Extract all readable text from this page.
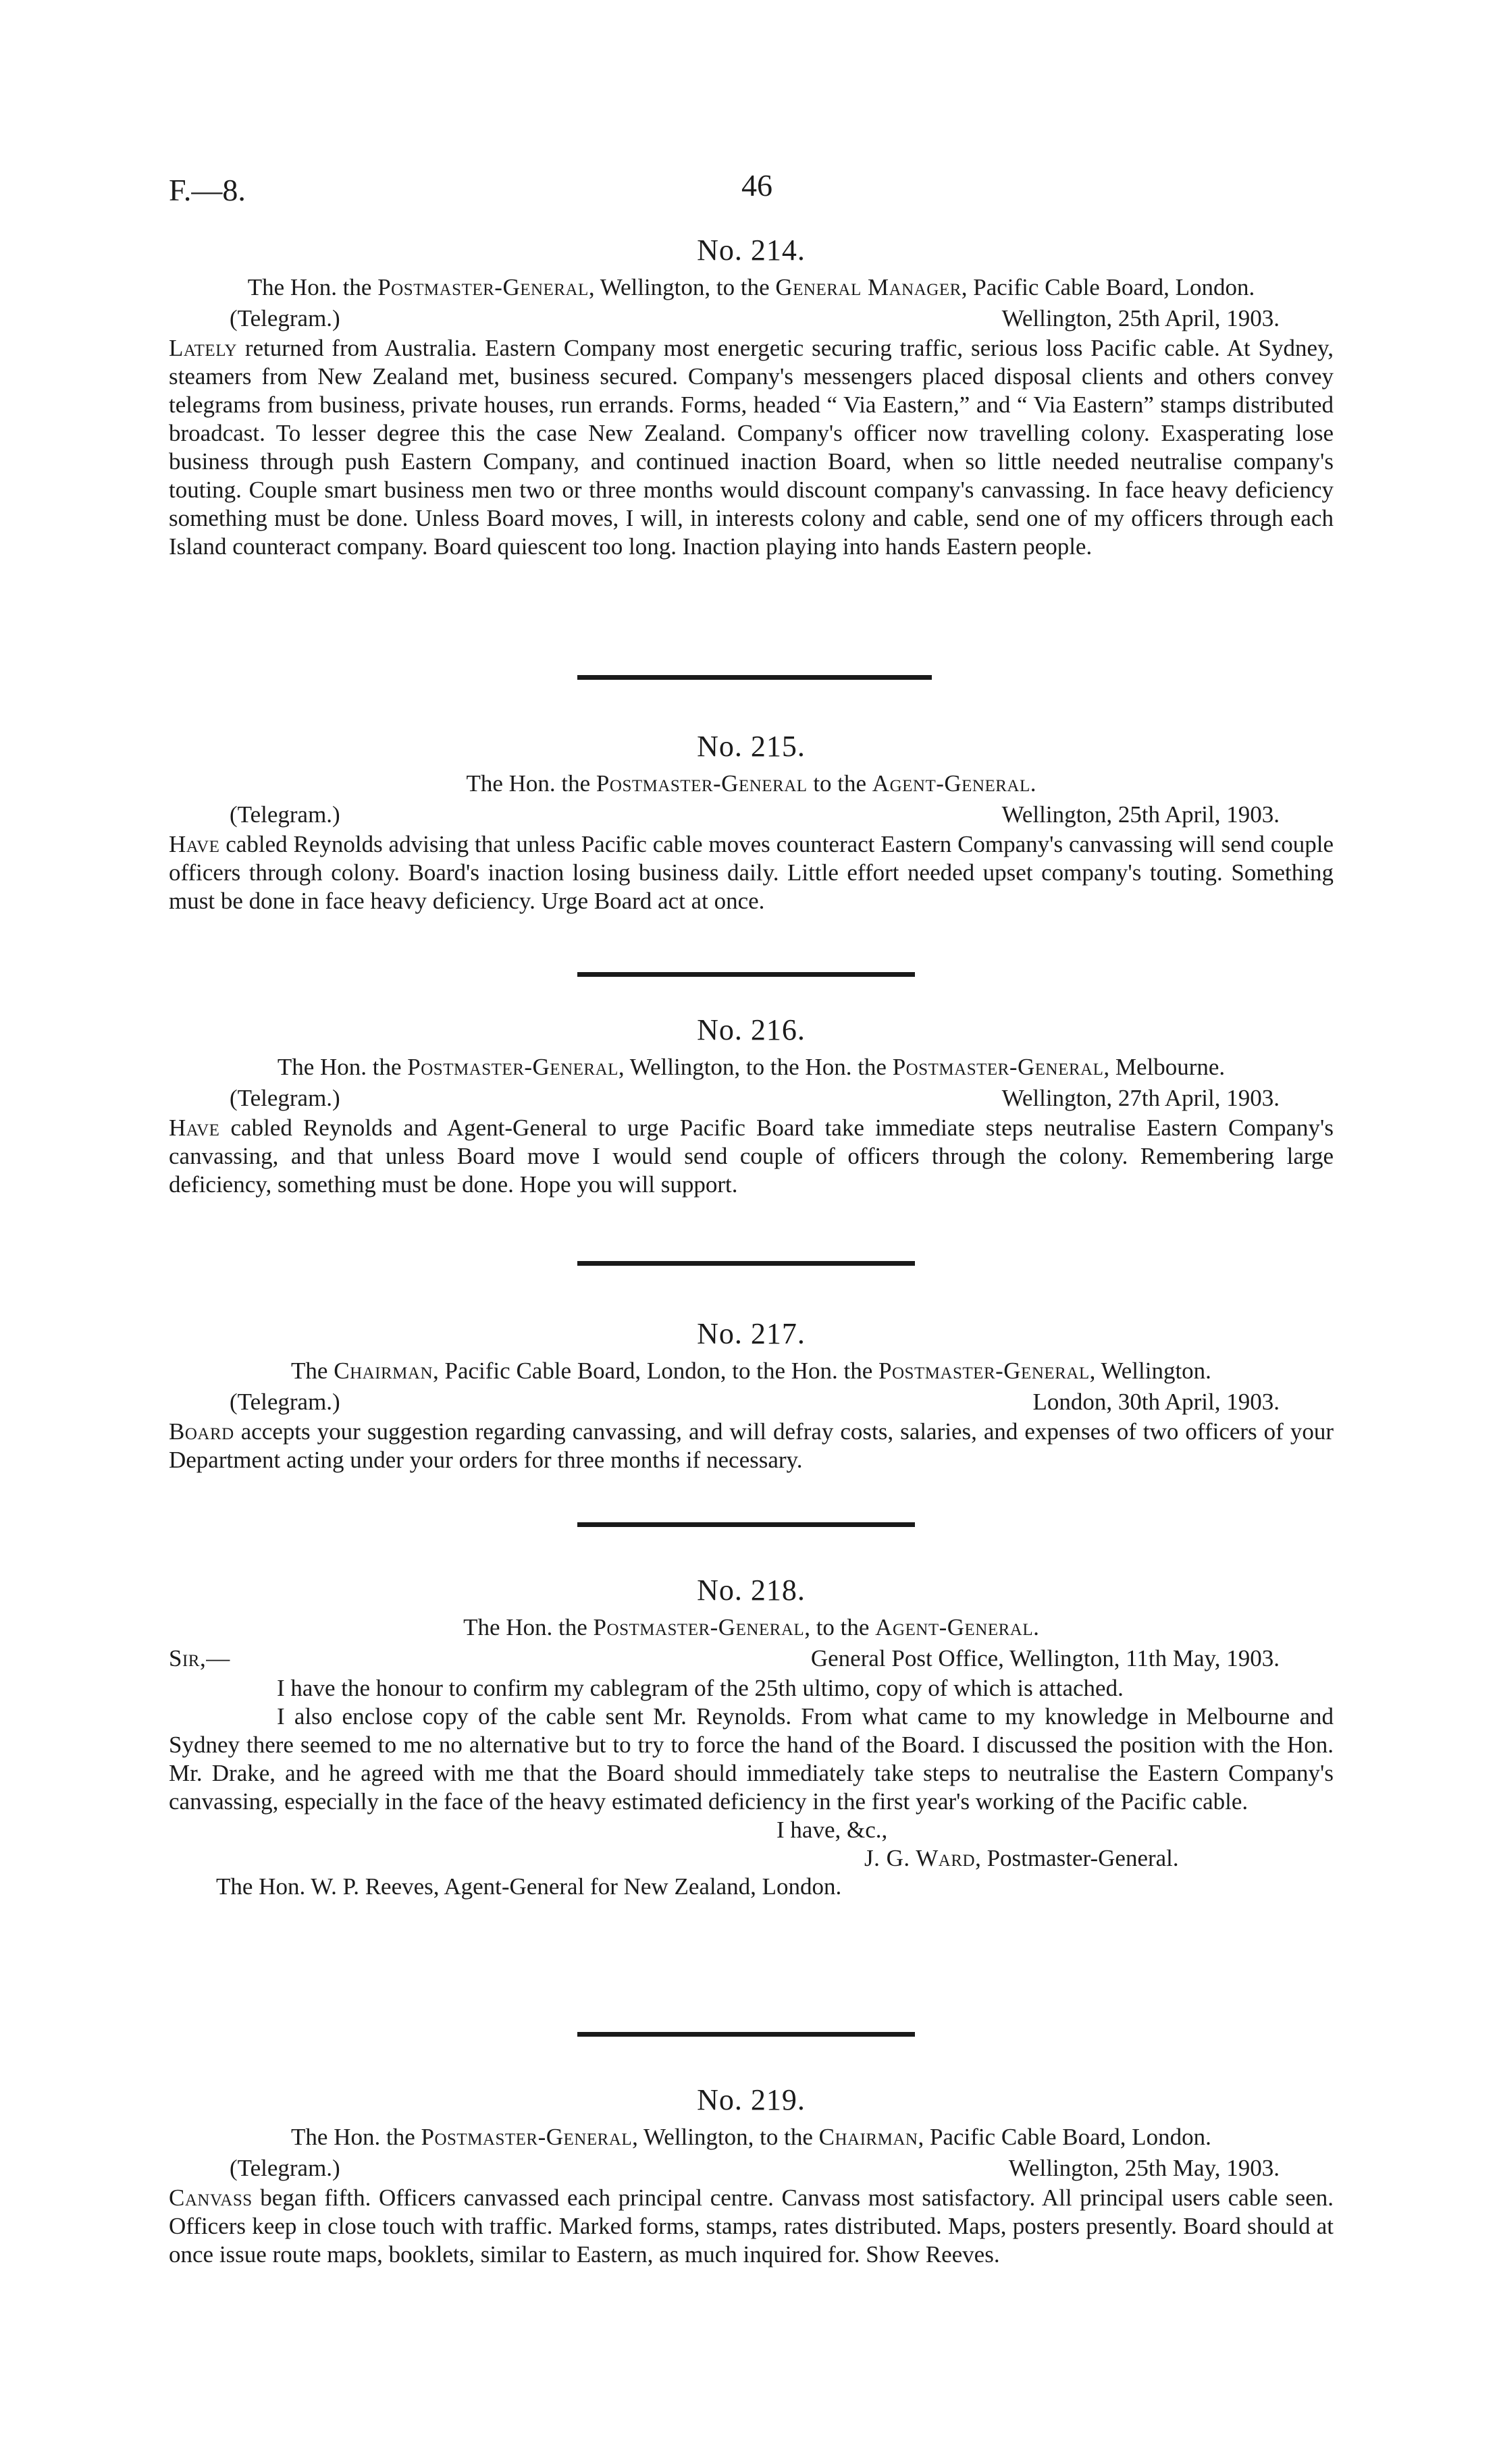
F.—8.	46
No. 214.
The Hon. the Postmaster-General, Wellington, to the General Manager, Pacific Cable Board, London.
(Telegram.)	Wellington, 25th April, 1903.
Lately returned from Australia. Eastern Company most energetic securing traffic, serious loss Pacific cable. At Sydney, steamers from New Zealand met, business secured. Company's messengers placed disposal clients and others convey telegrams from business, private houses, run errands. Forms, headed “ Via Eastern,” and “ Via Eastern” stamps distributed broadcast. To lesser degree this the case New Zealand. Company's officer now travelling colony. Exasperating lose business through push Eastern Company, and continued inaction Board, when so little needed neutralise company's touting. Couple smart business men two or three months would discount company's canvassing. In face heavy deficiency something must be done. Unless Board moves, I will, in interests colony and cable, send one of my officers through each Island counteract company. Board quiescent too long. Inaction playing into hands Eastern people.
No. 215.
The Hon. the Postmaster-General to the Agent-General.
(Telegram.)	Wellington, 25th April, 1903.
Have cabled Reynolds advising that unless Pacific cable moves counteract Eastern Company's canvassing will send couple officers through colony. Board's inaction losing business daily. Little effort needed upset company's touting. Something must be done in face heavy deficiency. Urge Board act at once.
No. 216.
The Hon. the Postmaster-General, Wellington, to the Hon. the Postmaster-General, Melbourne.
(Telegram.)	Wellington, 27th April, 1903.
Have cabled Reynolds and Agent-General to urge Pacific Board take immediate steps neutralise Eastern Company's canvassing, and that unless Board move I would send couple of officers through the colony. Remembering large deficiency, something must be done. Hope you will support.
No. 217.
The Chairman, Pacific Cable Board, London, to the Hon. the Postmaster-General, Wellington.
(Telegram.)	London, 30th April, 1903.
Board accepts your suggestion regarding canvassing, and will defray costs, salaries, and expenses of two officers of your Department acting under your orders for three months if necessary.
No. 218.
The Hon. the Postmaster-General, to the Agent-General.
Sir,—	General Post Office, Wellington, 11th May, 1903.

I have the honour to confirm my cablegram of the 25th ultimo, copy of which is attached.

I also enclose copy of the cable sent Mr. Reynolds. From what came to my knowledge in Melbourne and Sydney there seemed to me no alternative but to try to force the hand of the Board. I discussed the position with the Hon. Mr. Drake, and he agreed with me that the Board should immediately take steps to neutralise the Eastern Company's canvassing, especially in the face of the heavy estimated deficiency in the first year's working of the Pacific cable.

I have, &c.,

J. G. Ward, Postmaster-General.

The Hon. W. P. Reeves, Agent-General for New Zealand, London.

No. 219.
The Hon. the Postmaster-General, Wellington, to the Chairman, Pacific Cable Board, London.
(Telegram.)	Wellington, 25th May, 1903.
Canvass began fifth. Officers canvassed each principal centre. Canvass most satisfactory. All principal users cable seen. Officers keep in close touch with traffic. Marked forms, stamps, rates distributed. Maps, posters presently. Board should at once issue route maps, booklets, similar to Eastern, as much inquired for. Show Reeves.
